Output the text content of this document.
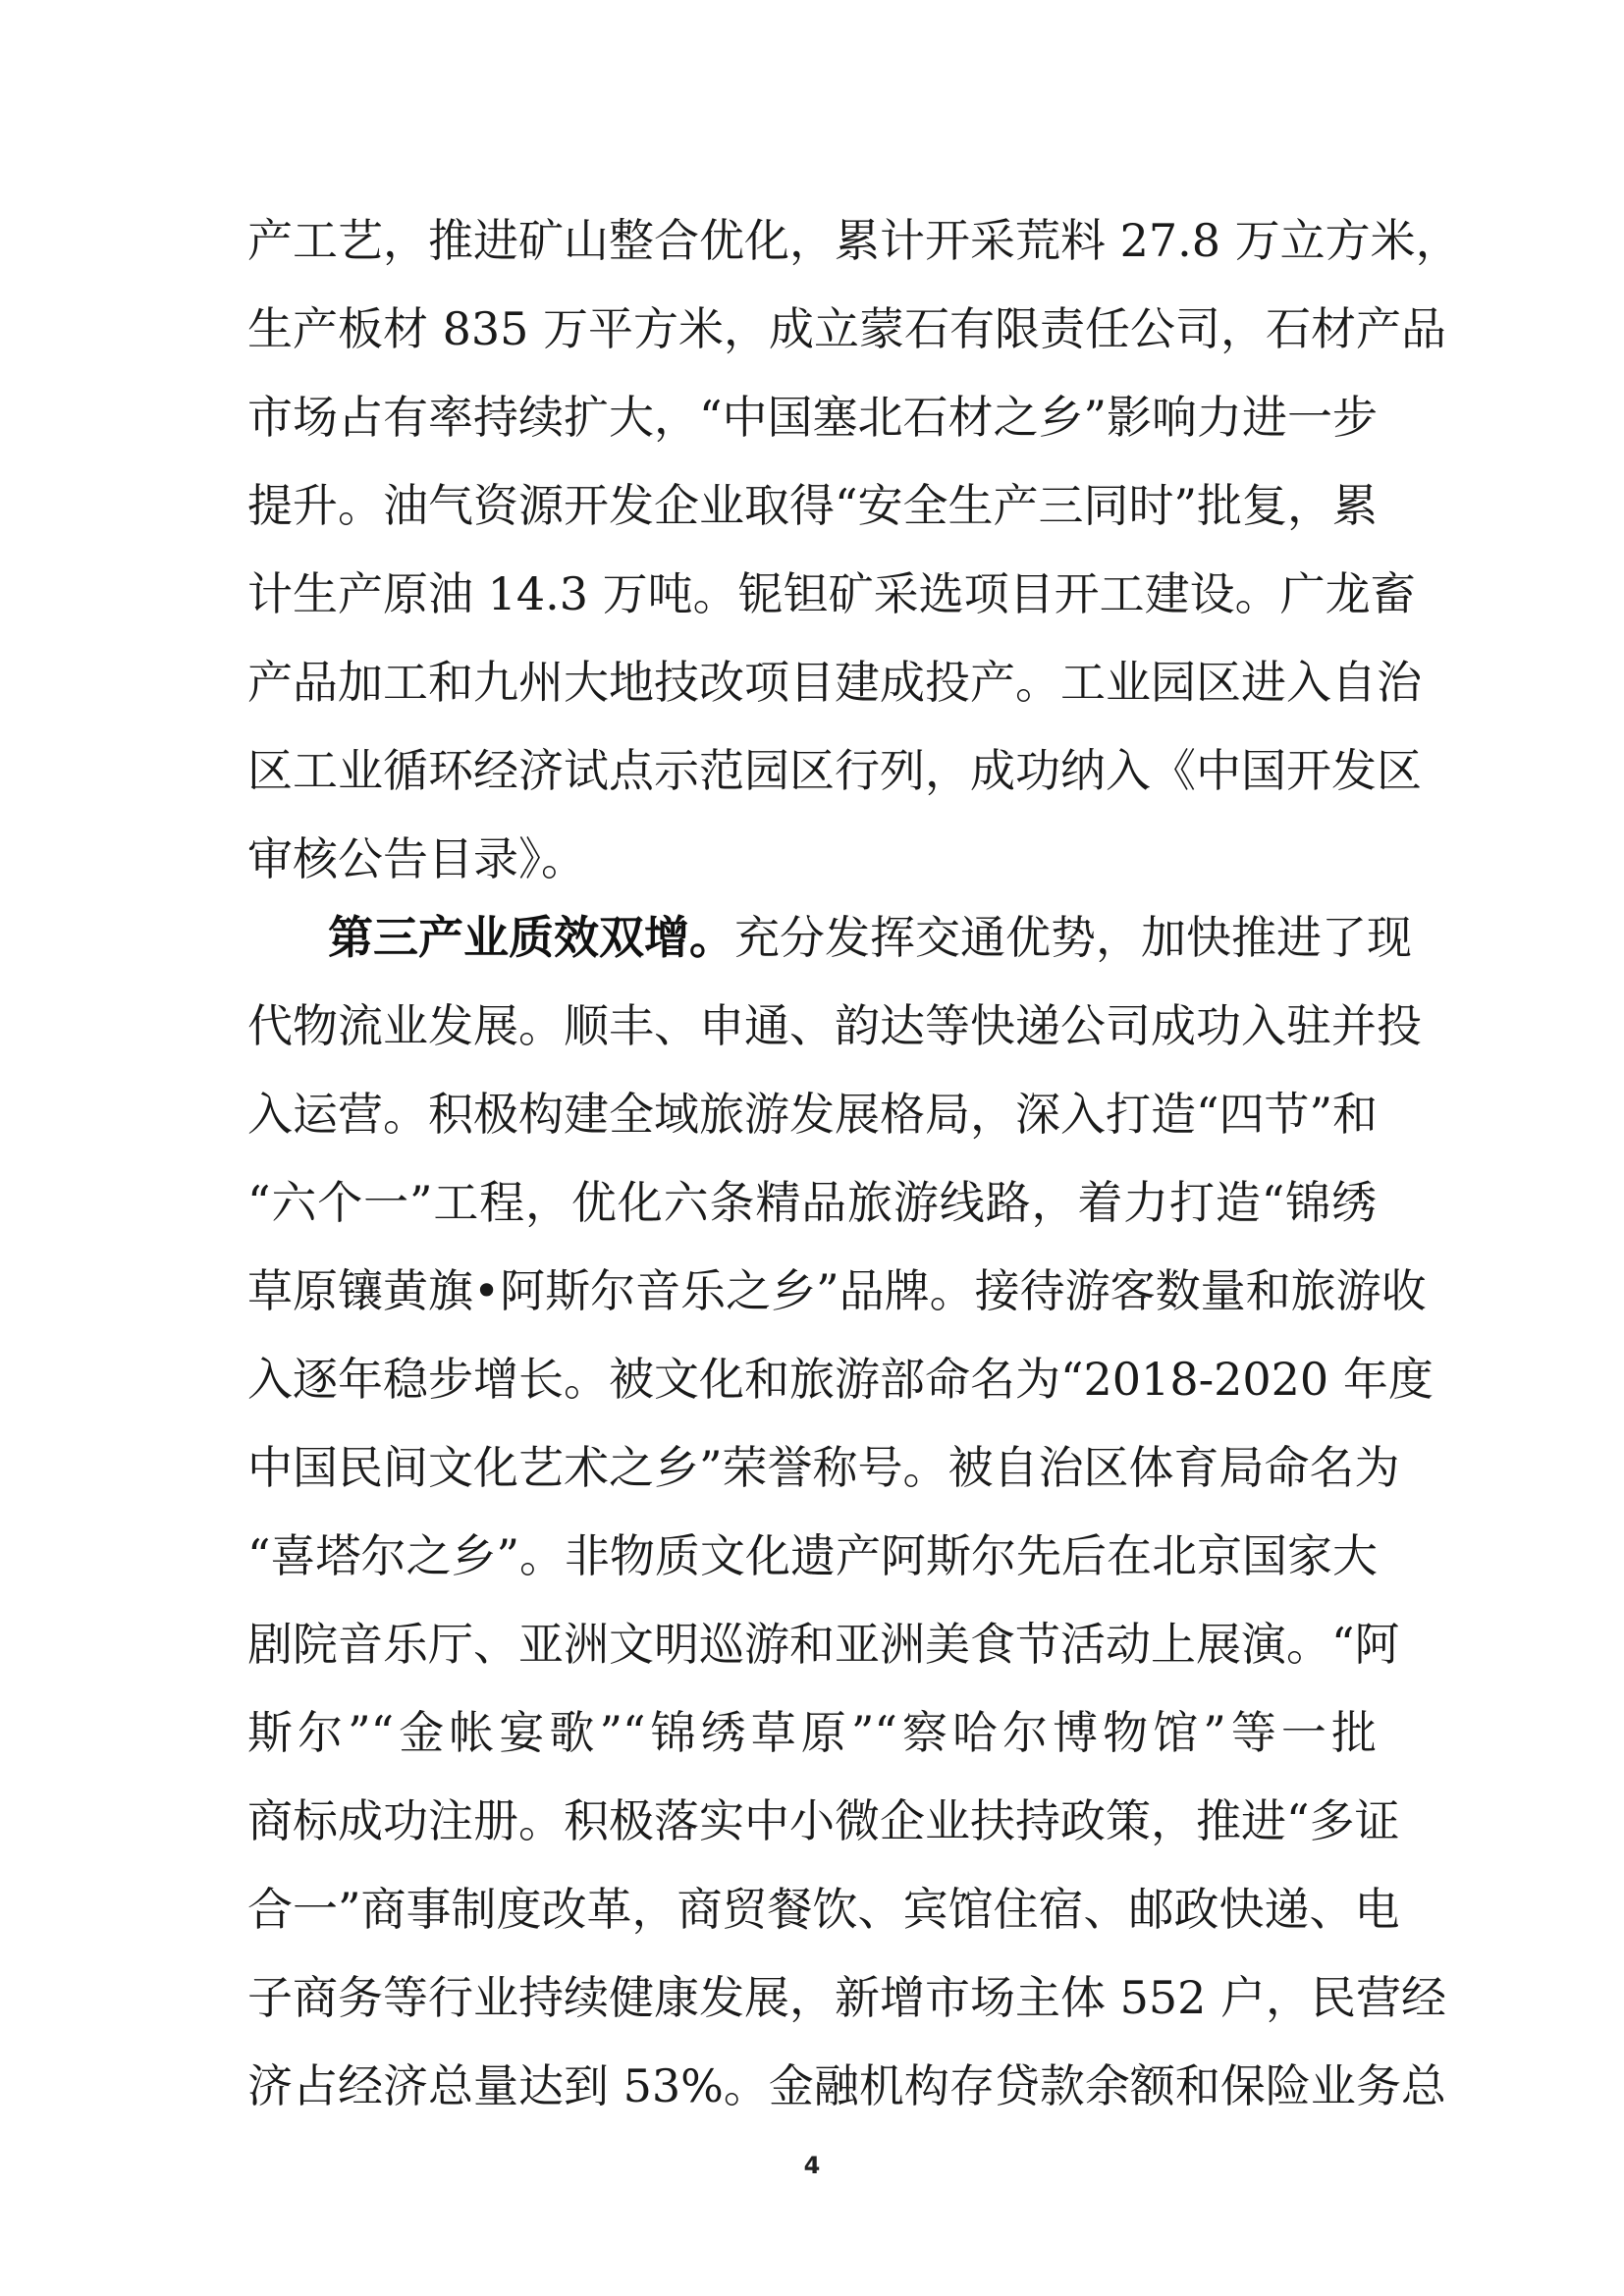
产工艺，推进矿山整合优化，累计开采荒料 27.8 万立方米，
生产板材 835 万平方米，成立蒙石有限责任公司，石材产品
市场占有率持续扩大，“中国塞北石材之乡”影响力进一步
提升。油气资源开发企业取得“安全生产三同时”批复，累
计生产原油 14.3 万吨。铌钽矿采选项目开工建设。广龙畜
产品加工和九州大地技改项目建成投产。工业园区进入自治
区工业循环经济试点示范园区行列，成功纳入《中国开发区
审核公告目录》。
第三产业质效双增。充分发挥交通优势，加快推进了现
代物流业发展。顺丰、申通、韵达等快递公司成功入驻并投
入运营。积极构建全域旅游发展格局，深入打造“四节”和
“六个一”工程，优化六条精品旅游线路，着力打造“锦绣
草原镶黄旗•阿斯尔音乐之乡”品牌。接待游客数量和旅游收
入逐年稳步增长。被文化和旅游部命名为“2018-2020 年度
中国民间文化艺术之乡”荣誉称号。被自治区体育局命名为
“喜塔尔之乡”。非物质文化遗产阿斯尔先后在北京国家大
剧院音乐厅、亚洲文明巡游和亚洲美食节活动上展演。“阿
斯尔”“金帐宴歌”“锦绣草原”“察哈尔博物馆”等一批
商标成功注册。积极落实中小微企业扶持政策，推进“多证
合一”商事制度改革，商贸餐饮、宾馆住宿、邮政快递、电
子商务等行业持续健康发展，新增市场主体 552 户，民营经
济占经济总量达到 53%。金融机构存贷款余额和保险业务总
4
